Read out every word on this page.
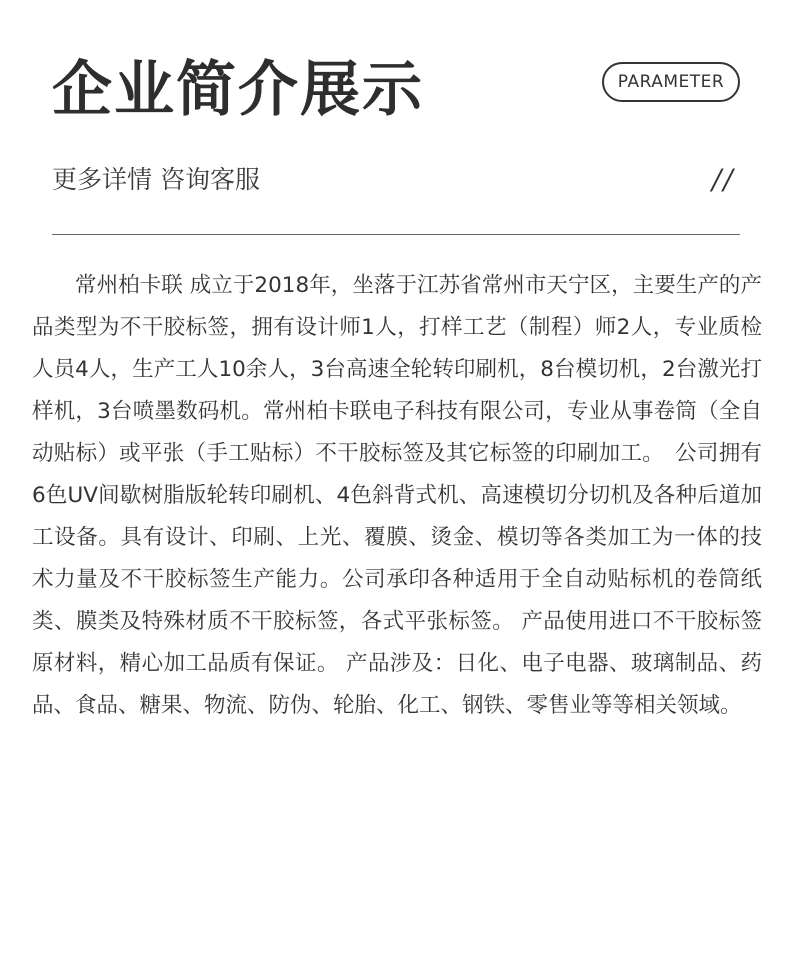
企业简介展示	PARAMETER
更多详情 咨询客服	//

常州柏卡联 成立于2018年，坐落于江苏省常州市天宁区，主要生产的产品类型为不干胶标签，拥有设计师1人，打样工艺（制程）师2人，专业质检人员4人，生产工人10余人，3台高速全轮转印刷机，8台模切机，2台激光打样机，3台喷墨数码机。常州柏卡联电子科技有限公司，专业从事卷筒（全自动贴标）或平张（手工贴标）不干胶标签及其它标签的印刷加工。　公司拥有6色UV间歇树脂版轮转印刷机、4色斜背式机、高速模切分切机及各种后道加工设备。具有设计、印刷、上光、覆膜、烫金、模切等各类加工为一体的技术力量及不干胶标签生产能力。公司承印各种适用于全自动贴标机的卷筒纸类、膜类及特殊材质不干胶标签，各式平张标签。 产品使用进口不干胶标签原材料，精心加工品质有保证。 产品涉及：日化、电子电器、玻璃制品、药品、食品、糖果、物流、防伪、轮胎、化工、钢铁、零售业等等相关领域。
